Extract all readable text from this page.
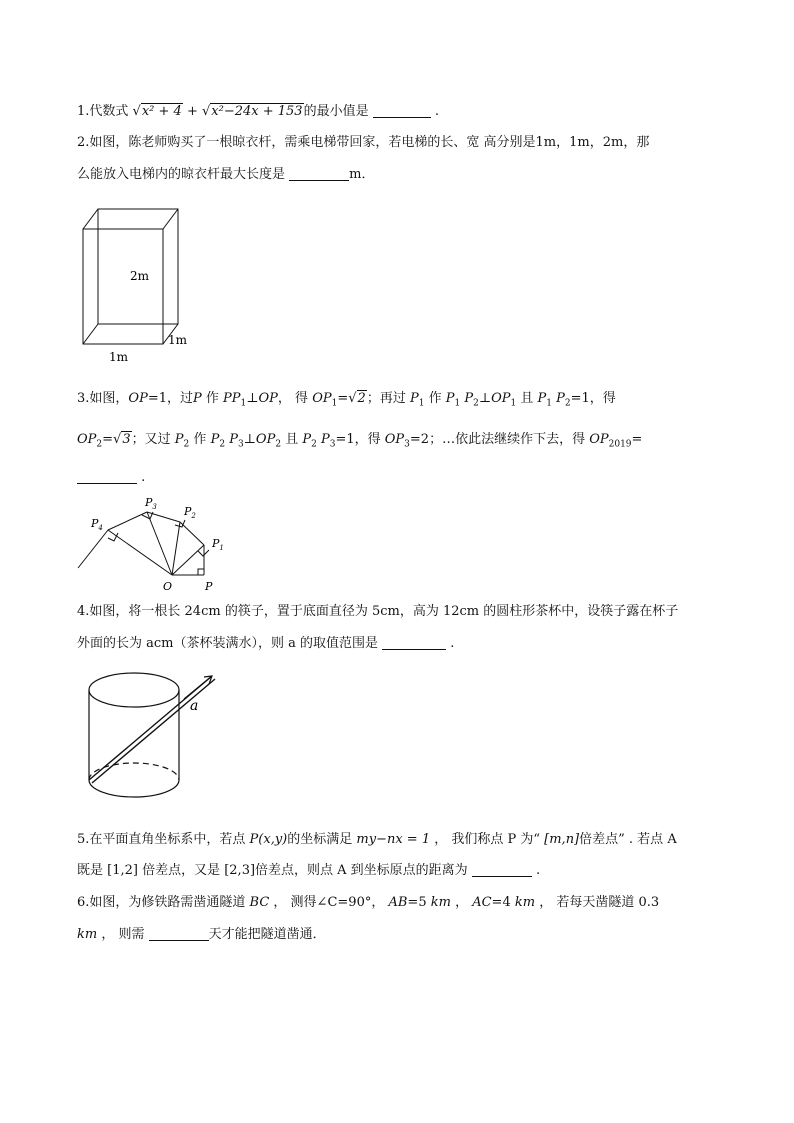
1.代数式 √x² + 4 + √x²−24x + 153的最小值是	.
2.如图，陈老师购买了一根晾衣杆，需乘电梯带回家，若电梯的长、宽 高分别是1m，1m，2m，那
么能放入电梯内的晾衣杆最大长度是	m．
2m
1m
1m
3.如图，OP=1，过P 作 $PP_1\perp OP$， 得 $OP_1=√2$；再过 $P_1$ 作 $P_1$ $P_2\perp OP_1$ 且 $P_1$ $P_2=1$，得
$OP_2=√3$；又过 $P_2$ 作 $P_2$ $P_3\perp OP_2$ 且 $P_2$ $P_3=1$，得 $OP_3=2$；…依此法继续作下去，得 $OP_{2019}=$
.
$P_4$
$P_3$ $P_2$
$P_1$
O	P
4.如图，将一根长 24cm 的筷子，置于底面直径为 5cm，高为 12cm 的圆柱形茶杯中，设筷子露在杯子
外面的长为 acm（茶杯装满水），则 a 的取值范围是	.
a
5.在平面直角坐标系中，若点 P(x,y)的坐标满足 my−nx = 1 ， 我们称点 P 为“ [m,n]倍差点” . 若点 A
既是 [1,2] 倍差点，又是 [2,3]倍差点，则点 A 到坐标原点的距离为	.
6.如图，为修铁路需凿通隧道 BC ， 测得∠C=90°， AB=5 km ， AC=4 km ， 若每天凿隧道 0.3
km ， 则需	天才能把隧道凿通．
